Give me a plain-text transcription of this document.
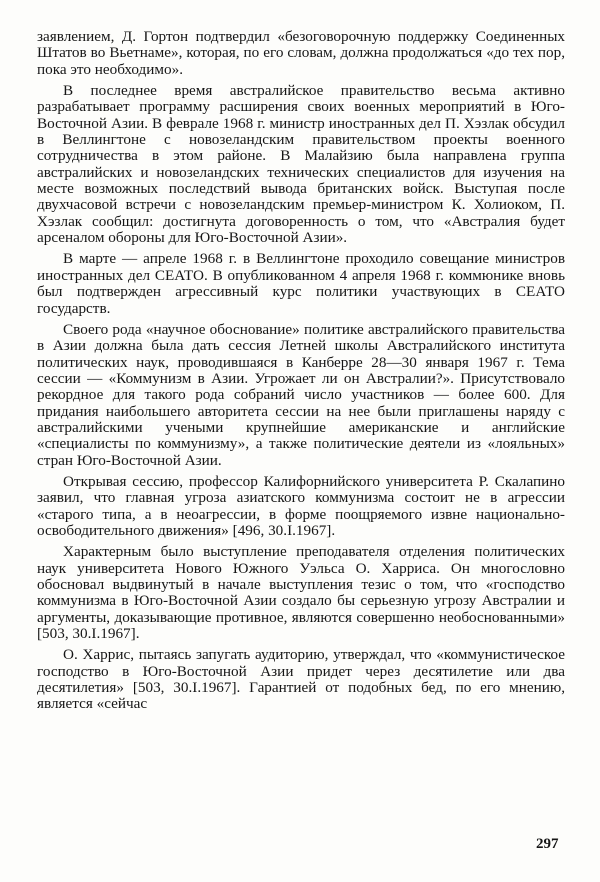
заявлением, Д. Гортон подтвердил «безоговорочную поддержку Соединенных Штатов во Вьетнаме», которая, по его словам, должна продолжаться «до тех пор, пока это необходимо».

В последнее время австралийское правительство весьма активно разрабатывает программу расширения своих военных мероприятий в Юго-Восточной Азии. В феврале 1968 г. министр иностранных дел П. Хэзлак обсудил в Веллингтоне с новозеландским правительством проекты военного сотрудничества в этом районе. В Малайзию была направлена группа австралийских и новозеландских технических специалистов для изучения на месте возможных последствий вывода британских войск. Выступая после двухчасовой встречи с новозеландским премьер-министром К. Холиоком, П. Хэзлак сообщил: достигнута договоренность о том, что «Австралия будет арсеналом обороны для Юго-Восточной Азии».

В марте — апреле 1968 г. в Веллингтоне проходило совещание министров иностранных дел СЕАТО. В опубликованном 4 апреля 1968 г. коммюнике вновь был подтвержден агрессивный курс политики участвующих в СЕАТО государств.

Своего рода «научное обоснование» политике австралийского правительства в Азии должна была дать сессия Летней школы Австралийского института политических наук, проводившаяся в Канберре 28—30 января 1967 г. Тема сессии — «Коммунизм в Азии. Угрожает ли он Австралии?». Присутствовало рекордное для такого рода собраний число участников — более 600. Для придания наибольшего авторитета сессии на нее были приглашены наряду с австралийскими учеными крупнейшие американские и английские «специалисты по коммунизму», а также политические деятели из «лояльных» стран Юго-Восточной Азии.

Открывая сессию, профессор Калифорнийского университета Р. Скалапино заявил, что главная угроза азиатского коммунизма состоит не в агрессии «старого типа, а в неоагрессии, в форме поощряемого извне национально-освободительного движения» [496, 30.I.1967].

Характерным было выступление преподавателя отделения политических наук университета Нового Южного Уэльса О. Харриса. Он многословно обосновал выдвинутый в начале выступления тезис о том, что «господство коммунизма в Юго-Восточной Азии создало бы серьезную угрозу Австралии и аргументы, доказывающие противное, являются совершенно необоснованными» [503, 30.I.1967].

О. Харрис, пытаясь запугать аудиторию, утверждал, что «коммунистическое господство в Юго-Восточной Азии придет через десятилетие или два десятилетия» [503, 30.I.1967]. Гарантией от подобных бед, по его мнению, является «сейчас

297
